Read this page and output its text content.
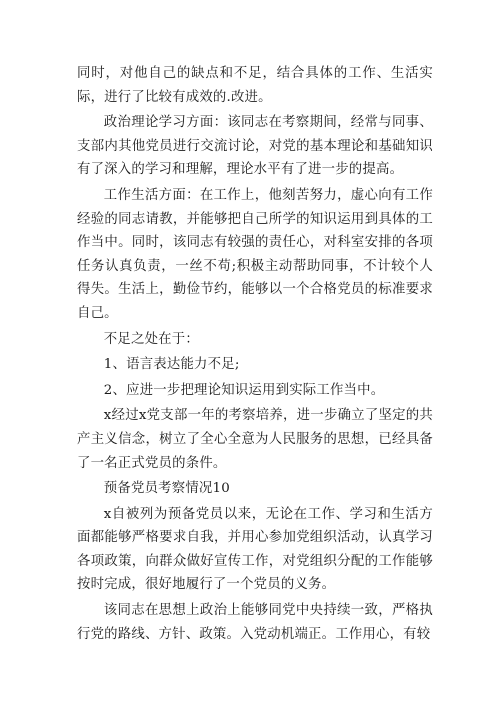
同时，对他自己的缺点和不足，结合具体的工作、生活实际，进行了比较有成效的.改进。

政治理论学习方面：该同志在考察期间，经常与同事、支部内其他党员进行交流讨论，对党的基本理论和基础知识有了深入的学习和理解，理论水平有了进一步的提高。

工作生活方面：在工作上，他刻苦努力，虚心向有工作经验的同志请教，并能够把自己所学的知识运用到具体的工作当中。同时，该同志有较强的责任心，对科室安排的各项任务认真负责，一丝不苟;积极主动帮助同事，不计较个人得失。生活上，勤俭节约，能够以一个合格党员的标准要求自己。

不足之处在于：

1、语言表达能力不足;

2、应进一步把理论知识运用到实际工作当中。

x经过x党支部一年的考察培养，进一步确立了坚定的共产主义信念，树立了全心全意为人民服务的思想，已经具备了一名正式党员的条件。

预备党员考察情况10

x自被列为预备党员以来，无论在工作、学习和生活方面都能够严格要求自我，并用心参加党组织活动，认真学习各项政策，向群众做好宣传工作，对党组织分配的工作能够按时完成，很好地履行了一个党员的义务。

该同志在思想上政治上能够同党中央持续一致，严格执行党的路线、方针、政策。入党动机端正。工作用心，有较
